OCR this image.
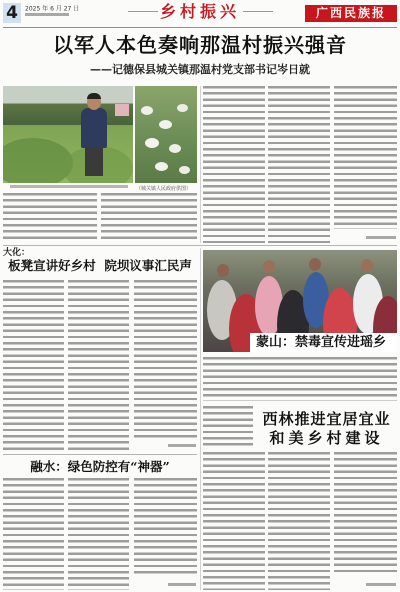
4 2025 年 6 月 27 日	乡村振兴	广西民族报
以军人本色奏响那温村振兴强音
——记德保县城关镇那温村党支部书记岑日就
（城关镇人民政府供图）
大化：
板凳宣讲好乡村  院坝议事汇民声
融水：绿色防控有“神器”
蒙山：禁毒宣传进瑶乡
西林推进宜居宜业
和美乡村建设
